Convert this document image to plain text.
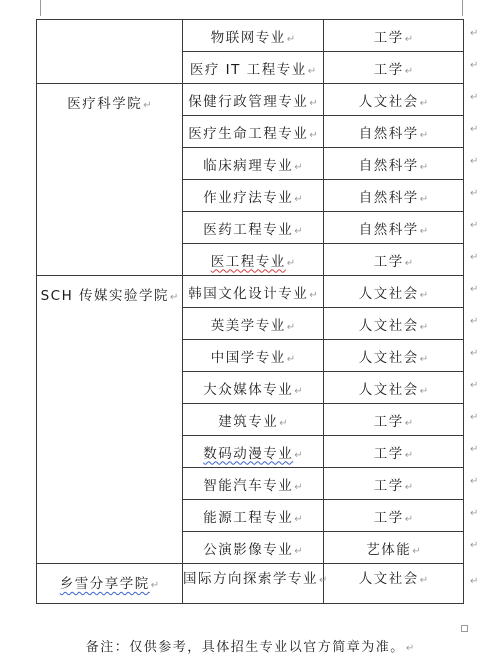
	物联网专业↵	工学↵
	医疗 IT 工程专业↵	工学↵
医疗科学院↵	保健行政管理专业↵	人文社会↵
	医疗生命工程专业↵	自然科学↵
	临床病理专业↵	自然科学↵
	作业疗法专业↵	自然科学↵
	医药工程专业↵	自然科学↵
	医工程专业↵	工学↵
SCH 传媒实验学院↵	韩国文化设计专业↵	人文社会↵
	英美学专业↵	人文社会↵
	中国学专业↵	人文社会↵
	大众媒体专业↵	人文社会↵
	建筑专业↵	工学↵
	数码动漫专业↵	工学↵
	智能汽车专业↵	工学↵
	能源工程专业↵	工学↵
	公演影像专业↵	艺体能↵
乡雪分享学院↵	国际方向探索学专业↵	人文社会↵
↵
↵
↵
↵
↵
↵
↵
↵
↵
↵
↵
↵
↵
↵
↵
↵
↵
↵
备注：仅供参考，具体招生专业以官方简章为准。↵
